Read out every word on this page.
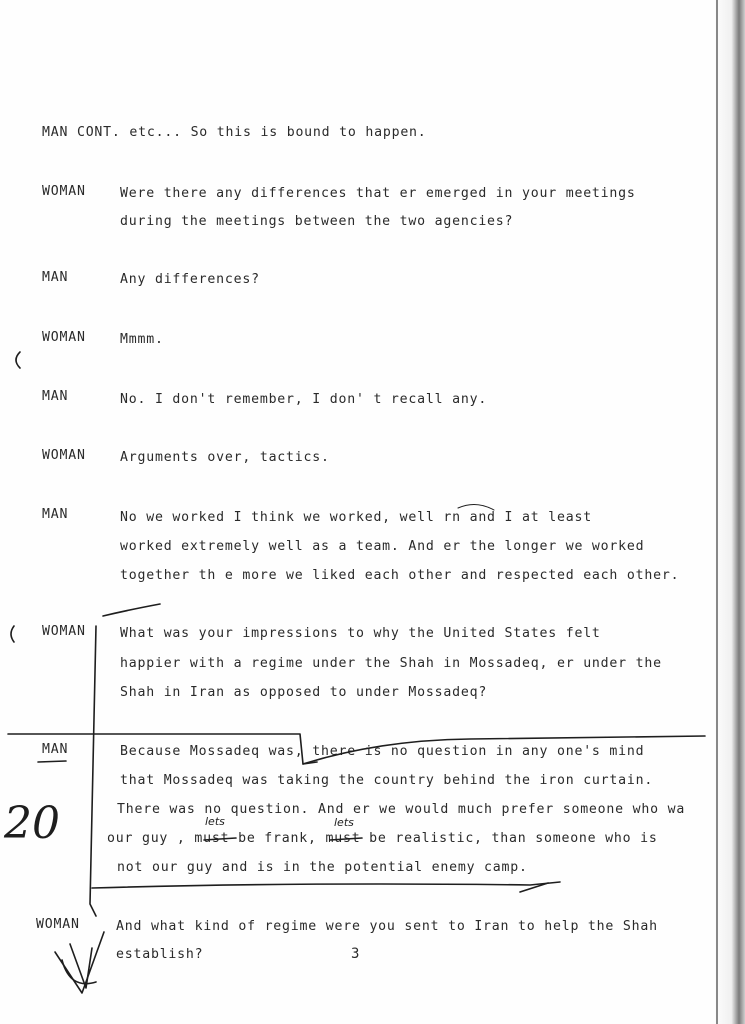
MAN CONT. etc... So this is bound to happen.
WOMAN	Were there any differences that er emerged in your meetings
during the meetings between the two agencies?
MAN	Any differences?
WOMAN	Mmmm.
MAN	No. I don't remember, I don' t recall any.
WOMAN	Arguments over, tactics.
MAN	No we worked I think we worked, well rn and I at least
worked extremely well as a team. And er the longer we worked
together th e more we liked each other and respected each other.
WOMAN	What was your impressions to why the United States felt
happier with a regime under the Shah in Mossadeq, er under the
Shah in Iran as opposed to under Mossadeq?
MAN	Because Mossadeq was, there is no question in any one's mind
that Mossadeq was taking the country behind the iron curtain.
There was no question. And er we would much prefer someone who wa
our guy , must be frank, must be realistic, than someone who is
not our guy and is in the potential enemy camp.
WOMAN	And what kind of regime were you sent to Iran to help the Shah
establish?	3
20	lets	lets
